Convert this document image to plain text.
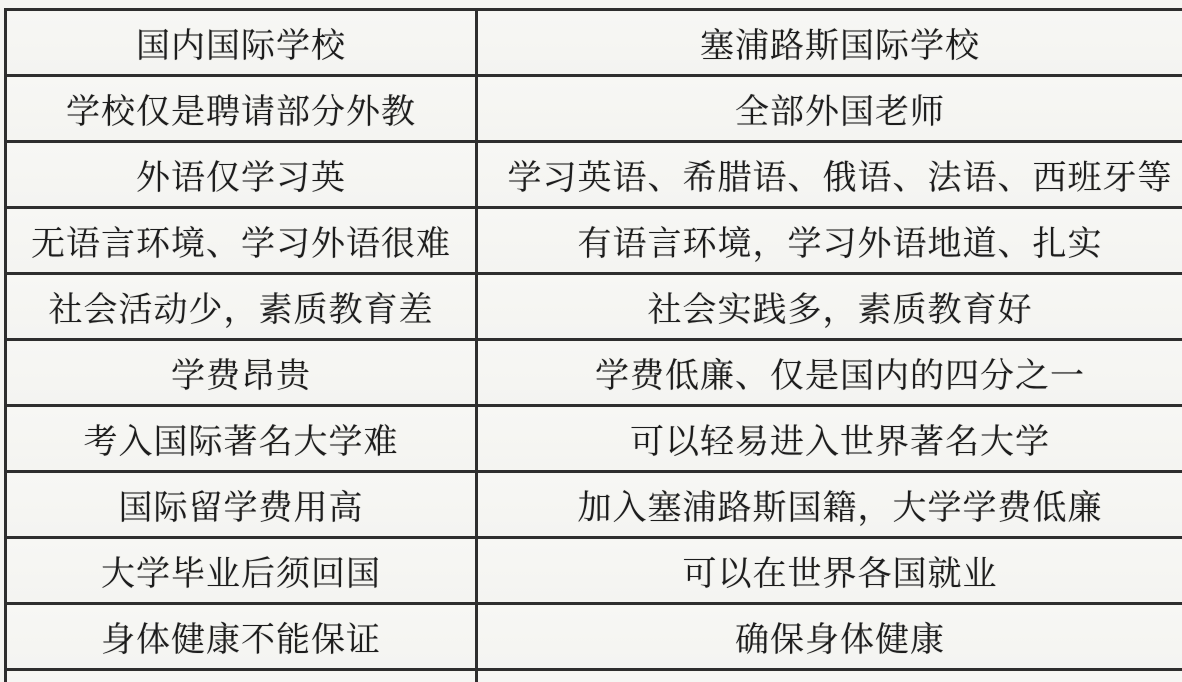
国内国际学校	塞浦路斯国际学校
学校仅是聘请部分外教	全部外国老师
外语仅学习英	学习英语、希腊语、俄语、法语、西班牙等
无语言环境、学习外语很难	有语言环境，学习外语地道、扎实
社会活动少，素质教育差	社会实践多，素质教育好
学费昂贵	学费低廉、仅是国内的四分之一
考入国际著名大学难	可以轻易进入世界著名大学
国际留学费用高	加入塞浦路斯国籍，大学学费低廉
大学毕业后须回国	可以在世界各国就业
身体健康不能保证	确保身体健康
